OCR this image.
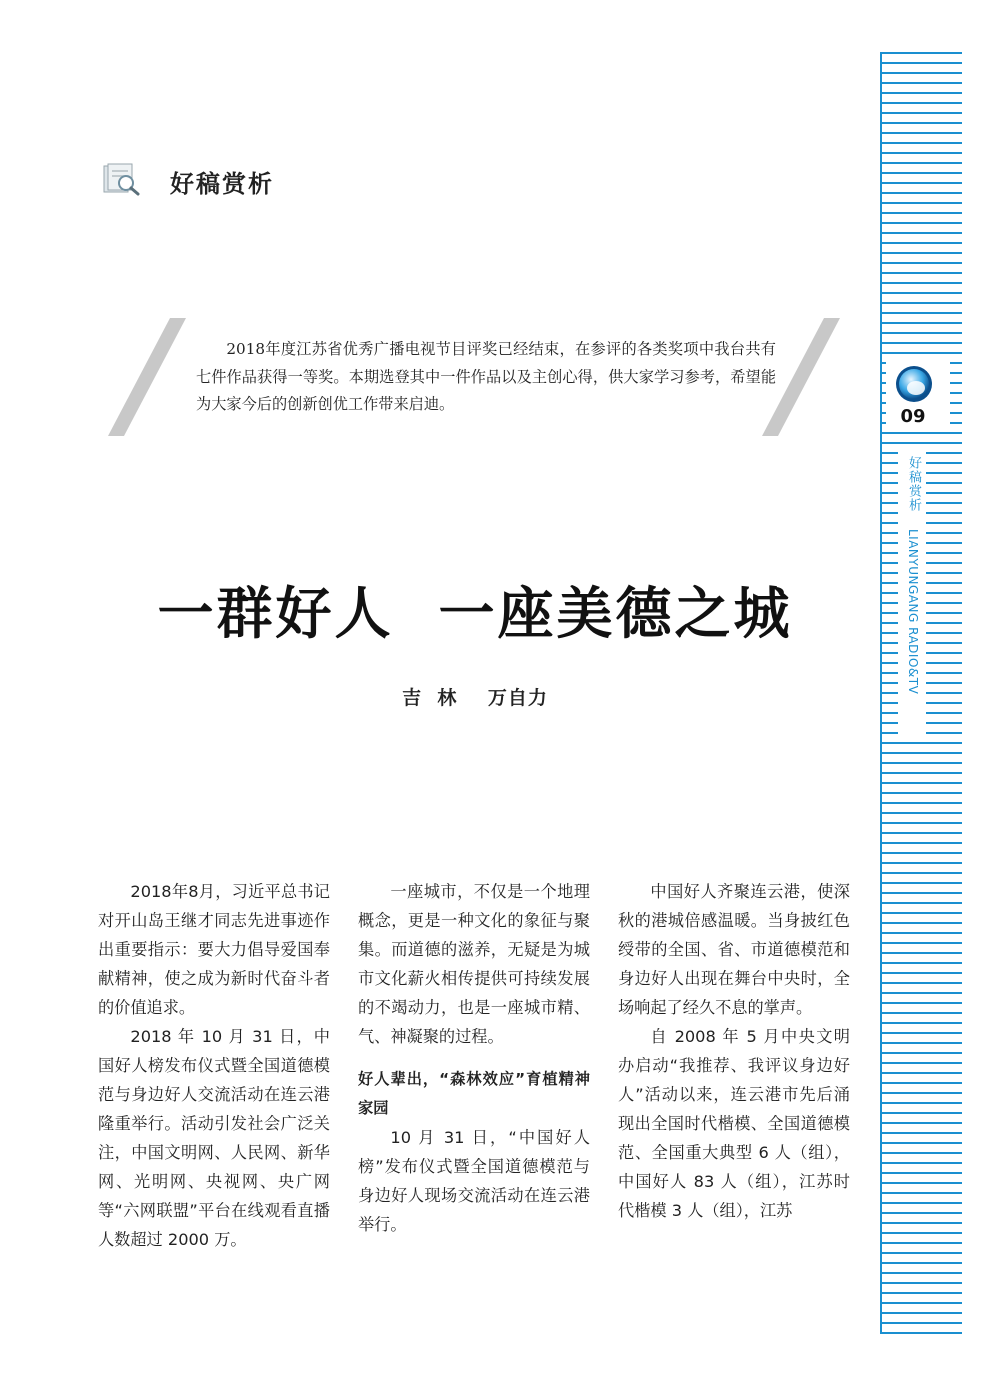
好稿赏析

2018年度江苏省优秀广播电视节目评奖已经结束，在参评的各类奖项中我台共有七件作品获得一等奖。本期选登其中一件作品以及主创心得，供大家学习参考，希望能为大家今后的创新创优工作带来启迪。

一群好人  一座美德之城
吉  林    万自力

2018年8月，习近平总书记对开山岛王继才同志先进事迹作出重要指示：要大力倡导爱国奉献精神，使之成为新时代奋斗者的价值追求。

2018 年 10 月 31 日，中国好人榜发布仪式暨全国道德模范与身边好人交流活动在连云港隆重举行。活动引发社会广泛关注，中国文明网、人民网、新华网、光明网、央视网、央广网等“六网联盟”平台在线观看直播人数超过 2000 万。

一座城市，不仅是一个地理概念，更是一种文化的象征与聚集。而道德的滋养，无疑是为城市文化薪火相传提供可持续发展的不竭动力，也是一座城市精、气、神凝聚的过程。

好人辈出，“森林效应”育植精神家园

10 月 31 日，“中国好人榜”发布仪式暨全国道德模范与身边好人现场交流活动在连云港举行。

中国好人齐聚连云港，使深秋的港城倍感温暖。当身披红色绶带的全国、省、市道德模范和身边好人出现在舞台中央时，全场响起了经久不息的掌声。

自 2008 年 5 月中央文明办启动“我推荐、我评议身边好人”活动以来，连云港市先后涌现出全国时代楷模、全国道德模范、全国重大典型 6 人（组），中国好人 83 人（组），江苏时代楷模 3 人（组），江苏

09
好稿赏析 LIANYUNGANG RADIO&TV
